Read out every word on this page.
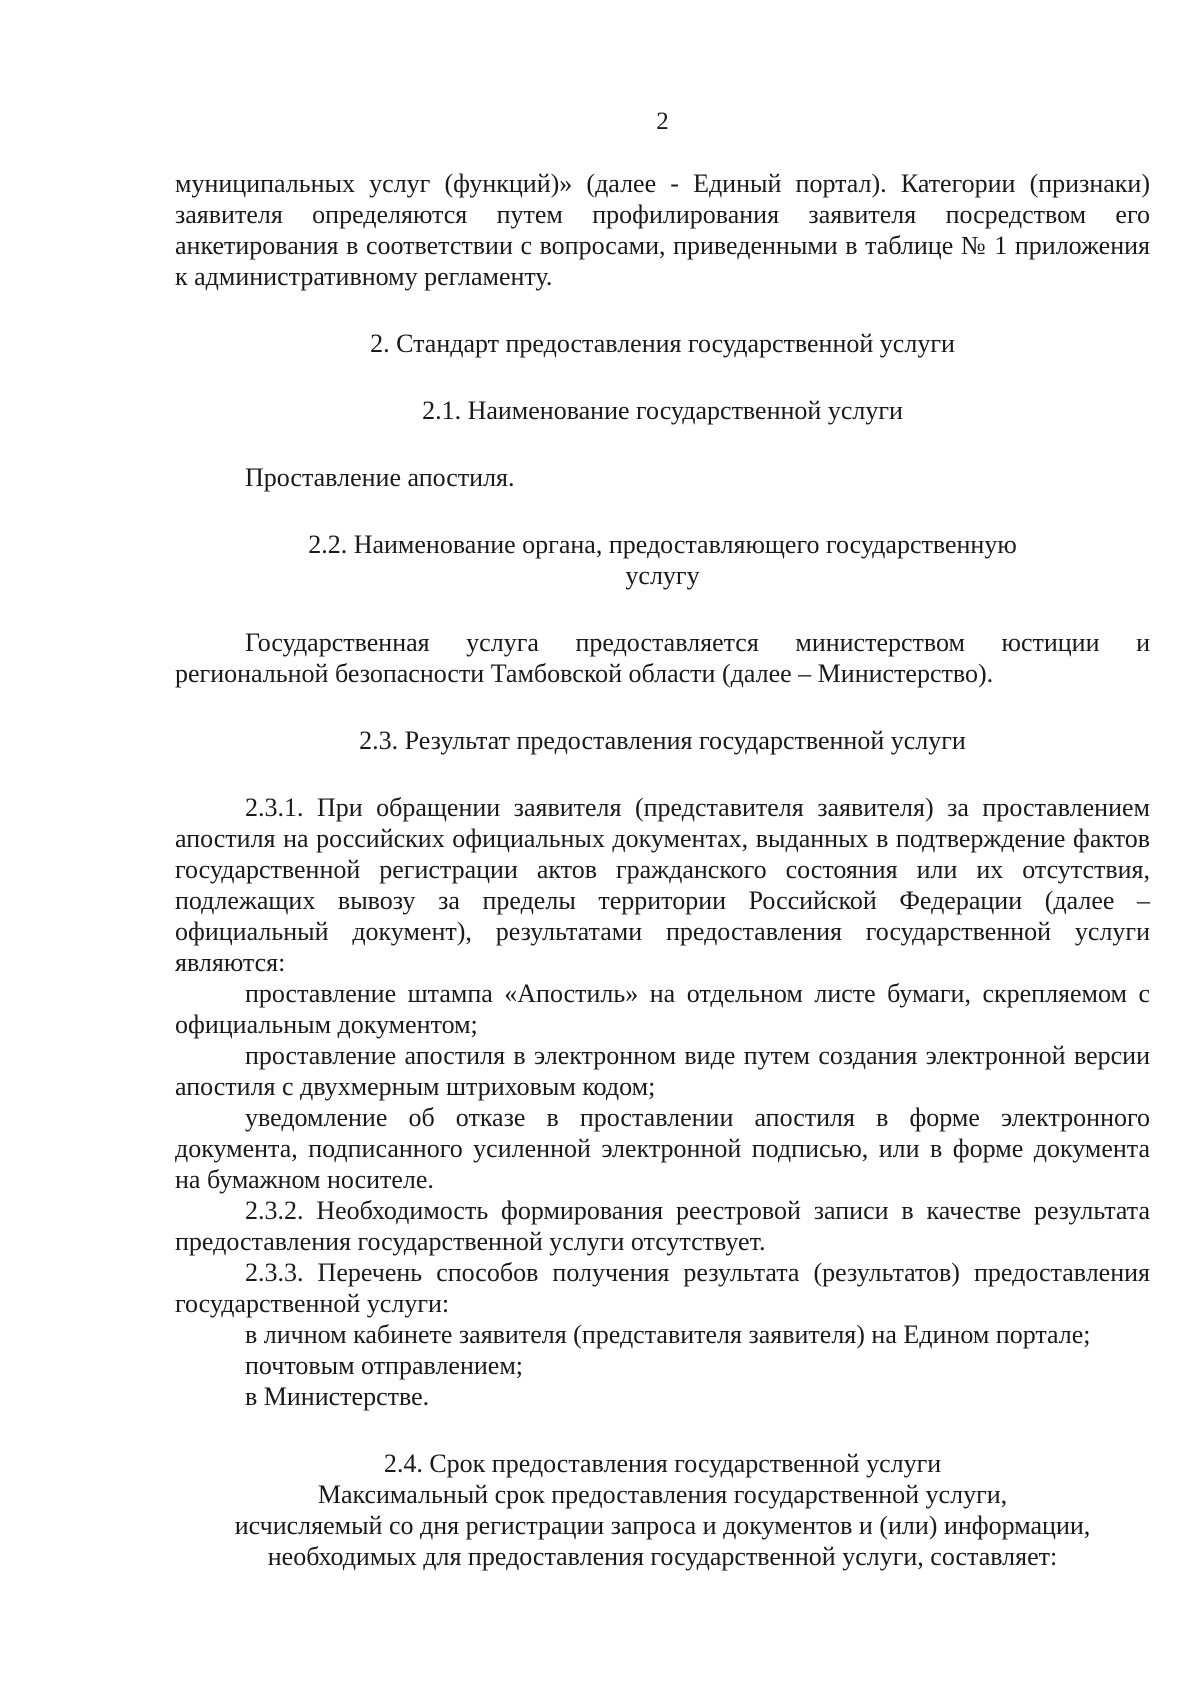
2

муниципальных услуг (функций)» (далее - Единый портал). Категории (признаки) заявителя определяются путем профилирования заявителя посредством его анкетирования в соответствии с вопросами, приведенными в таблице № 1 приложения к административному регламенту.

2. Стандарт предоставления государственной услуги

2.1. Наименование государственной услуги

Проставление апостиля.

2.2. Наименование органа, предоставляющего государственную

услугу

Государственная услуга предоставляется министерством юстиции и региональной безопасности Тамбовской области (далее – Министерство).

2.3. Результат предоставления государственной услуги

2.3.1. При обращении заявителя (представителя заявителя) за проставлением апостиля на российских официальных документах, выданных в подтверждение фактов государственной регистрации актов гражданского состояния или их отсутствия, подлежащих вывозу за пределы территории Российской Федерации (далее – официальный документ), результатами предоставления государственной услуги являются:

проставление штампа «Апостиль» на отдельном листе бумаги, скрепляемом с официальным документом;

проставление апостиля в электронном виде путем создания электронной версии апостиля с двухмерным штриховым кодом;

уведомление об отказе в проставлении апостиля в форме электронного документа, подписанного усиленной электронной подписью, или в форме документа на бумажном носителе.

2.3.2. Необходимость формирования реестровой записи в качестве результата предоставления государственной услуги отсутствует.

2.3.3. Перечень способов получения результата (результатов) предоставления государственной услуги:

в личном кабинете заявителя (представителя заявителя) на Едином портале;

почтовым отправлением;

в Министерстве.

2.4. Срок предоставления государственной услуги

Максимальный срок предоставления государственной услуги,

исчисляемый со дня регистрации запроса и документов и (или) информации,

необходимых для предоставления государственной услуги, составляет:
